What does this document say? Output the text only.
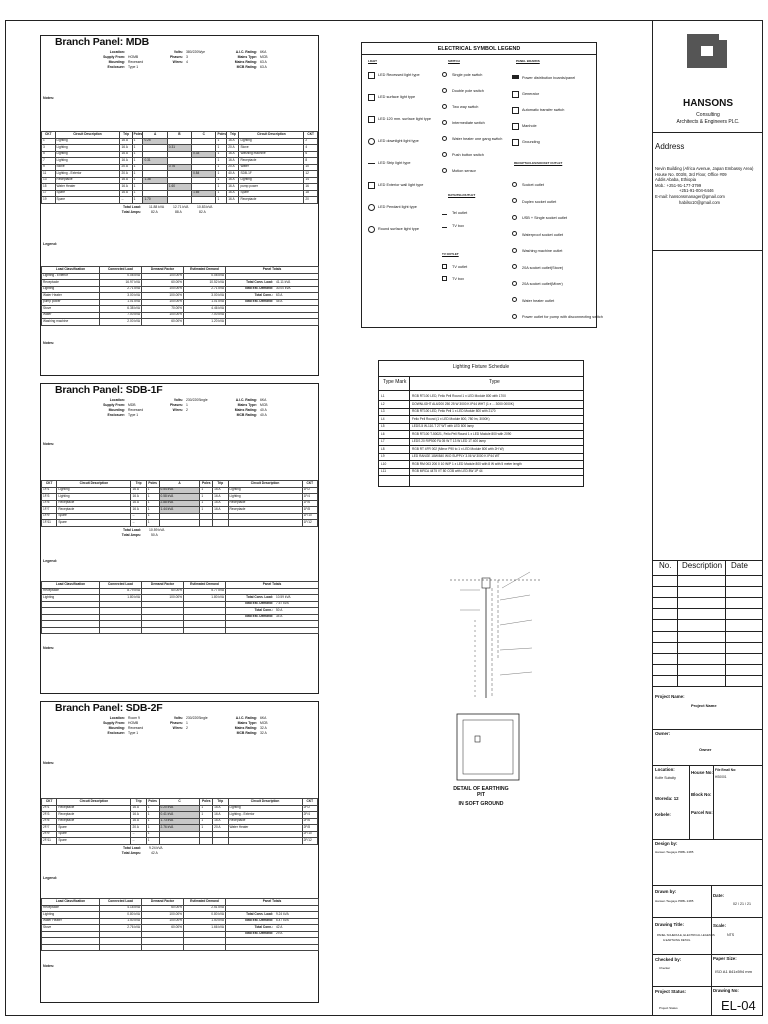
Branch Panel: MDB
Location:
Supply From: HOMB
Mounting: Recessed
Enclosure: Type 1
Volts: 380/220Wye
Phases: 3
Wires: 4
A.I.C. Rating: 6KA
Mains Type: MCB
Mains Rating: 63 A
MCB Rating: 63 A
Notes:
CKT	Circuit Description	Trip	Poles	A	B	C	Poles	Trip	Circuit Description	CKT
1	Lighting	16 A	1	0.25			1	16 A	Lighting	2
3	Lighting	16 A	1		0.31		1	20 A	Stove	4
5	Lighting	16 A	1			0.33	1	16 A	Washing machine	6
7	Lighting	16 A	1	0.31			1	16 A	Receptacle	8
9	Stove	20 A	1		0.76		1	20 A	Water	10
11	Lighting - Exterior	20 A	1			0.84	1	40 A	SDB-1F	12
13	Receptacle	16 A	1	1.38			1	16 A	Lighting	14
15	Water Heater	16 A	1		1.60		1	16 A	pump power	16
17	Spare	16 A	1			1.65	1	16 A	Spare	18
19	Spare	--	1	1.70			1	16 A	Receptacle	20
Total Load:
Total Amps:
11.88 kVA	12.71 kVA	10.83 kVA
82 A	88 A	82 A
Legend:
Load Classification	Connected Load	Demand Factor	Estimated Demand	Panel Totals
Lighting - Exterior	0.08 kVA	100.00%	0.08 kVA	
Receptacle	16.97 kVA	60.00%	10.52 kVA	Total Conn. Load: 41.11 kVA
Lighting	2.71 kVA	100.00%	2.71 kVA	Total Est. Demand: 30.00 kVA
Water Heater	3.00 kVA	100.00%	3.00 kVA	Total Conn.: 63 A
pump power	1.01 kVA	100.00%	1.01 kVA	Total Est. Demand: 45 A
Stove	6.38 kVA	70.00%	4.46 kVA	
Water	7.00 kVA	100.00%	7.00 kVA	
Washing machine	2.00 kVA	60.00%	1.20 kVA	
Notes:
Branch Panel: SDB-1F
Location:
Supply From: MDB
Mounting: Recessed
Enclosure: Type 1
Volts: 230/220Single
Phases: 1
Wires: 2
A.I.C. Rating: 6KA
Mains Type: MCB
Mains Rating: 40 A
MCB Rating: 40 A
Notes:
CKT	Circuit Description	Trip	Poles	A	Poles	Trip	Circuit Description	CKT
1F/1	Lighting	16 A	1	0.54 kVA	1	16 A	Lighting	1F/2
1F/3	Lighting	16 A	1	0.58 kVA	1	16 A	Lighting	1F/4
1F/5	Receptacle	16 A	1	2.88 kVA	1	16 A	Receptacle	1F/6
1F/7	Receptacle	16 A	1	1.44 kVA	1	16 A	Receptacle	1F/8
1F/9	Spare	--	1					1F/10
1F/11	Spare	--	1					1F/12
Total Load:
Total Amps:
10.59 kVA
50 A
Legend:
Load Classification	Connected Load	Demand Factor	Estimated Demand	Panel Totals
Receptacle	8.79 kVA	60.00%	5.77 kVA	
Lighting	1.80 kVA	100.00%	1.80 kVA	Total Conn. Load: 10.59 kVA
				Total Est. Demand: 7.57 kVA
				Total Conn.: 50 A
				Total Est. Demand: 34 A

Notes:
Branch Panel: SDB-2F
Location: Room 9
Supply From: HOMB
Mounting: Recessed
Enclosure: Type 1
Volts: 230/220Single
Phases: 1
Wires: 2
A.I.C. Rating: 6KA
Mains Type: MCB
Mains Rating: 32 A
MCB Rating: 32 A
Notes:
CKT	Circuit Description	Trip	Poles	C	Poles	Trip	Circuit Description	CKT
2F/1	Receptacle	16 A	1	0.20 kVA	1	16 A	Lighting	2F/2
2F/3	Receptacle	16 A	1	0.41 kVA	1	16 A	Lighting - Exterior	2F/4
2F/5	Receptacle	16 A	1	1.73 kVA	1	16 A	Receptacle	2F/6
2F/7	Spare	20 A	1	2.76 kVA	1	20 A	Water Heater	2F/8
2F/9	Spare	--	1					2F/10
2F/11	Spare	--	1					2F/12
Total Load:
Total Amps:
9.24 kVA
42 A
Legend:
Load Classification	Connected Load	Demand Factor	Estimated Demand	Panel Totals
Receptacle	4.18 kVA	60.00%	2.51 kVA	
Lighting	0.80 kVA	100.00%	0.80 kVA	Total Conn. Load: 9.24 kVA
Water Heater	1.50 kVA	100.00%	1.50 kVA	Total Est. Demand: 6.47 kVA
Stove	2.76 kVA	60.00%	1.66 kVA	Total Conn.: 42 A
				Total Est. Demand: 29 A

Notes:
ELECTRICAL SYMBOL LEGEND
LIGHT
LED Recessed light type
LED surface light type
LED 120 mm. surface light type
LED downlight light type
LED Strip light type
LED Exterior wall light type
LED Pendant light type
Round surface light type
SWITCH
Single pole switch
Double pole switch
Two way switch
Intermediate switch
Water heater one gang switch
Push button switch
Motion sensor
DATA/TEL/OUTLET
Tel outlet
TV box
TV OUTLET
TV outlet
TV box
PANEL BOARDS
Power distribution boards/panel
Generator
Automatic transfer switch
Manhole
Grounding
RECEPTACLES/SOCKET OUTLET
Socket outlet
Duplex socket outlet
USB + Single socket outlet
Waterproof socket outlet
Washing machine outlet
20A socket outlet(Stove)
20A socket outlet(Mixer)
Water heater outlet
Power outlet for pump with disconnecting switch
Lighting Fixture Schedule
Type Mark	Type
L1	RGB RT100 LED, Feilo Pell Round 1 x LED Module 800 with 1700
L2	DOWNLIGHT AL6/200 250 25 W 3000 K IP44 WHT (1 x ... 3000 0000K)
L3	RGB RT100 LED, Feilo Pell 1 x LED Module 800 with 2170
L4	Feilo Pell Round (1 x LED Module 800, 780 lm, 3000K)
L5	LEDS-5 W-110-T 27 WT with LED 800 lamp
L6	RGB RT100 T-50021, Feilo Pell Round 1 x LED Module 800 with 2090
L7	LEDS 20 RIP500 FA 05 W T 13 W LED 1T 400 lamp
L8	RGB RT 4FR 002 (Mirror P90 to 1 x LED Module 800 with 2H W)
L9	LED RANGE 18W/840 W/O SUPPLY 3.06 W 3000 K IP44 WT
L10	RGB RM 003 200 0 10 W/P 1 x LED Module 800 with 8 W with 5 meter length
L11	RGB MRCA 4475 VT 80 COB with LED 8W 1P 44
DETAIL OF EARTHING PIT
IN SOFT GROUND
HANSONS
Consulting
Architects & Engineers PLC.
Address
Nevin Building (Africa Avenue, Japan Embassy Area)
House No. 003/8, 3rd Floor, Office #09
Addis Ababa, Ethiopia
Mob.: +251-91-177-3799
+251-91-004-6446
E-mail: hansonsmanager@gmail.com
habilsx10@gmail.com
No. Description Date
Project Name:
Project Name
Owner:
Owner
Location:
Kolfe Subcity
House No: File Email No:
HS0001
Block No:
Woreda: 12
Kebele:	Parcel No:
Design by:
Hansen Tsegaye PRBL 2485
Drawn by:
Hansen Tsegaye PRBL 2485
Date:
02 / 21 / 21
Drawing Title:
PANEL SCHEDULE, ELECTRICAL LEGENDS
& EARTHING DETAIL
Scale:
NTS
Checked by:
Checker
Paper Size:
ISO A1 841x594 mm
Project Status:
Project Status
Drawing No:
EL-04
